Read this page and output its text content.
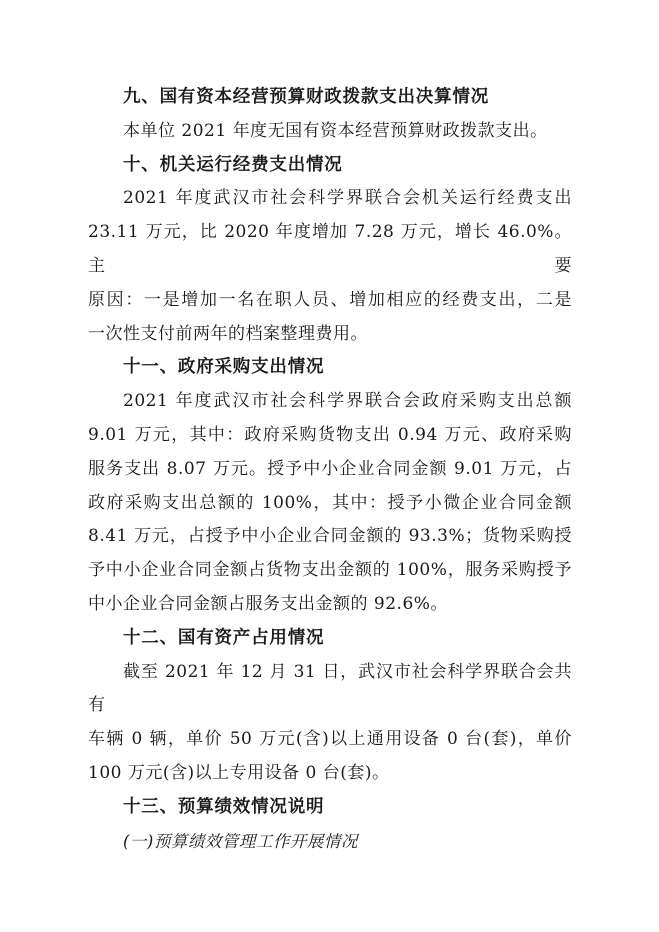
九、国有资本经营预算财政拨款支出决算情况
本单位 2021 年度无国有资本经营预算财政拨款支出。
十、机关运行经费支出情况
2021 年度武汉市社会科学界联合会机关运行经费支出
23.11 万元，比 2020 年度增加 7.28 万元，增长 46.0%。主要
原因：一是增加一名在职人员、增加相应的经费支出，二是
一次性支付前两年的档案整理费用。
十一、政府采购支出情况
2021 年度武汉市社会科学界联合会政府采购支出总额
9.01 万元，其中：政府采购货物支出 0.94 万元、政府采购
服务支出 8.07 万元。授予中小企业合同金额 9.01 万元，占
政府采购支出总额的 100%，其中：授予小微企业合同金额
8.41 万元，占授予中小企业合同金额的 93.3%；货物采购授
予中小企业合同金额占货物支出金额的 100%，服务采购授予
中小企业合同金额占服务支出金额的 92.6%。
十二、国有资产占用情况
截至 2021 年 12 月 31 日，武汉市社会科学界联合会共有
车辆 0 辆，单价 50 万元(含)以上通用设备 0 台(套)，单价
100 万元(含)以上专用设备 0 台(套)。
十三、预算绩效情况说明
(一)预算绩效管理工作开展情况
